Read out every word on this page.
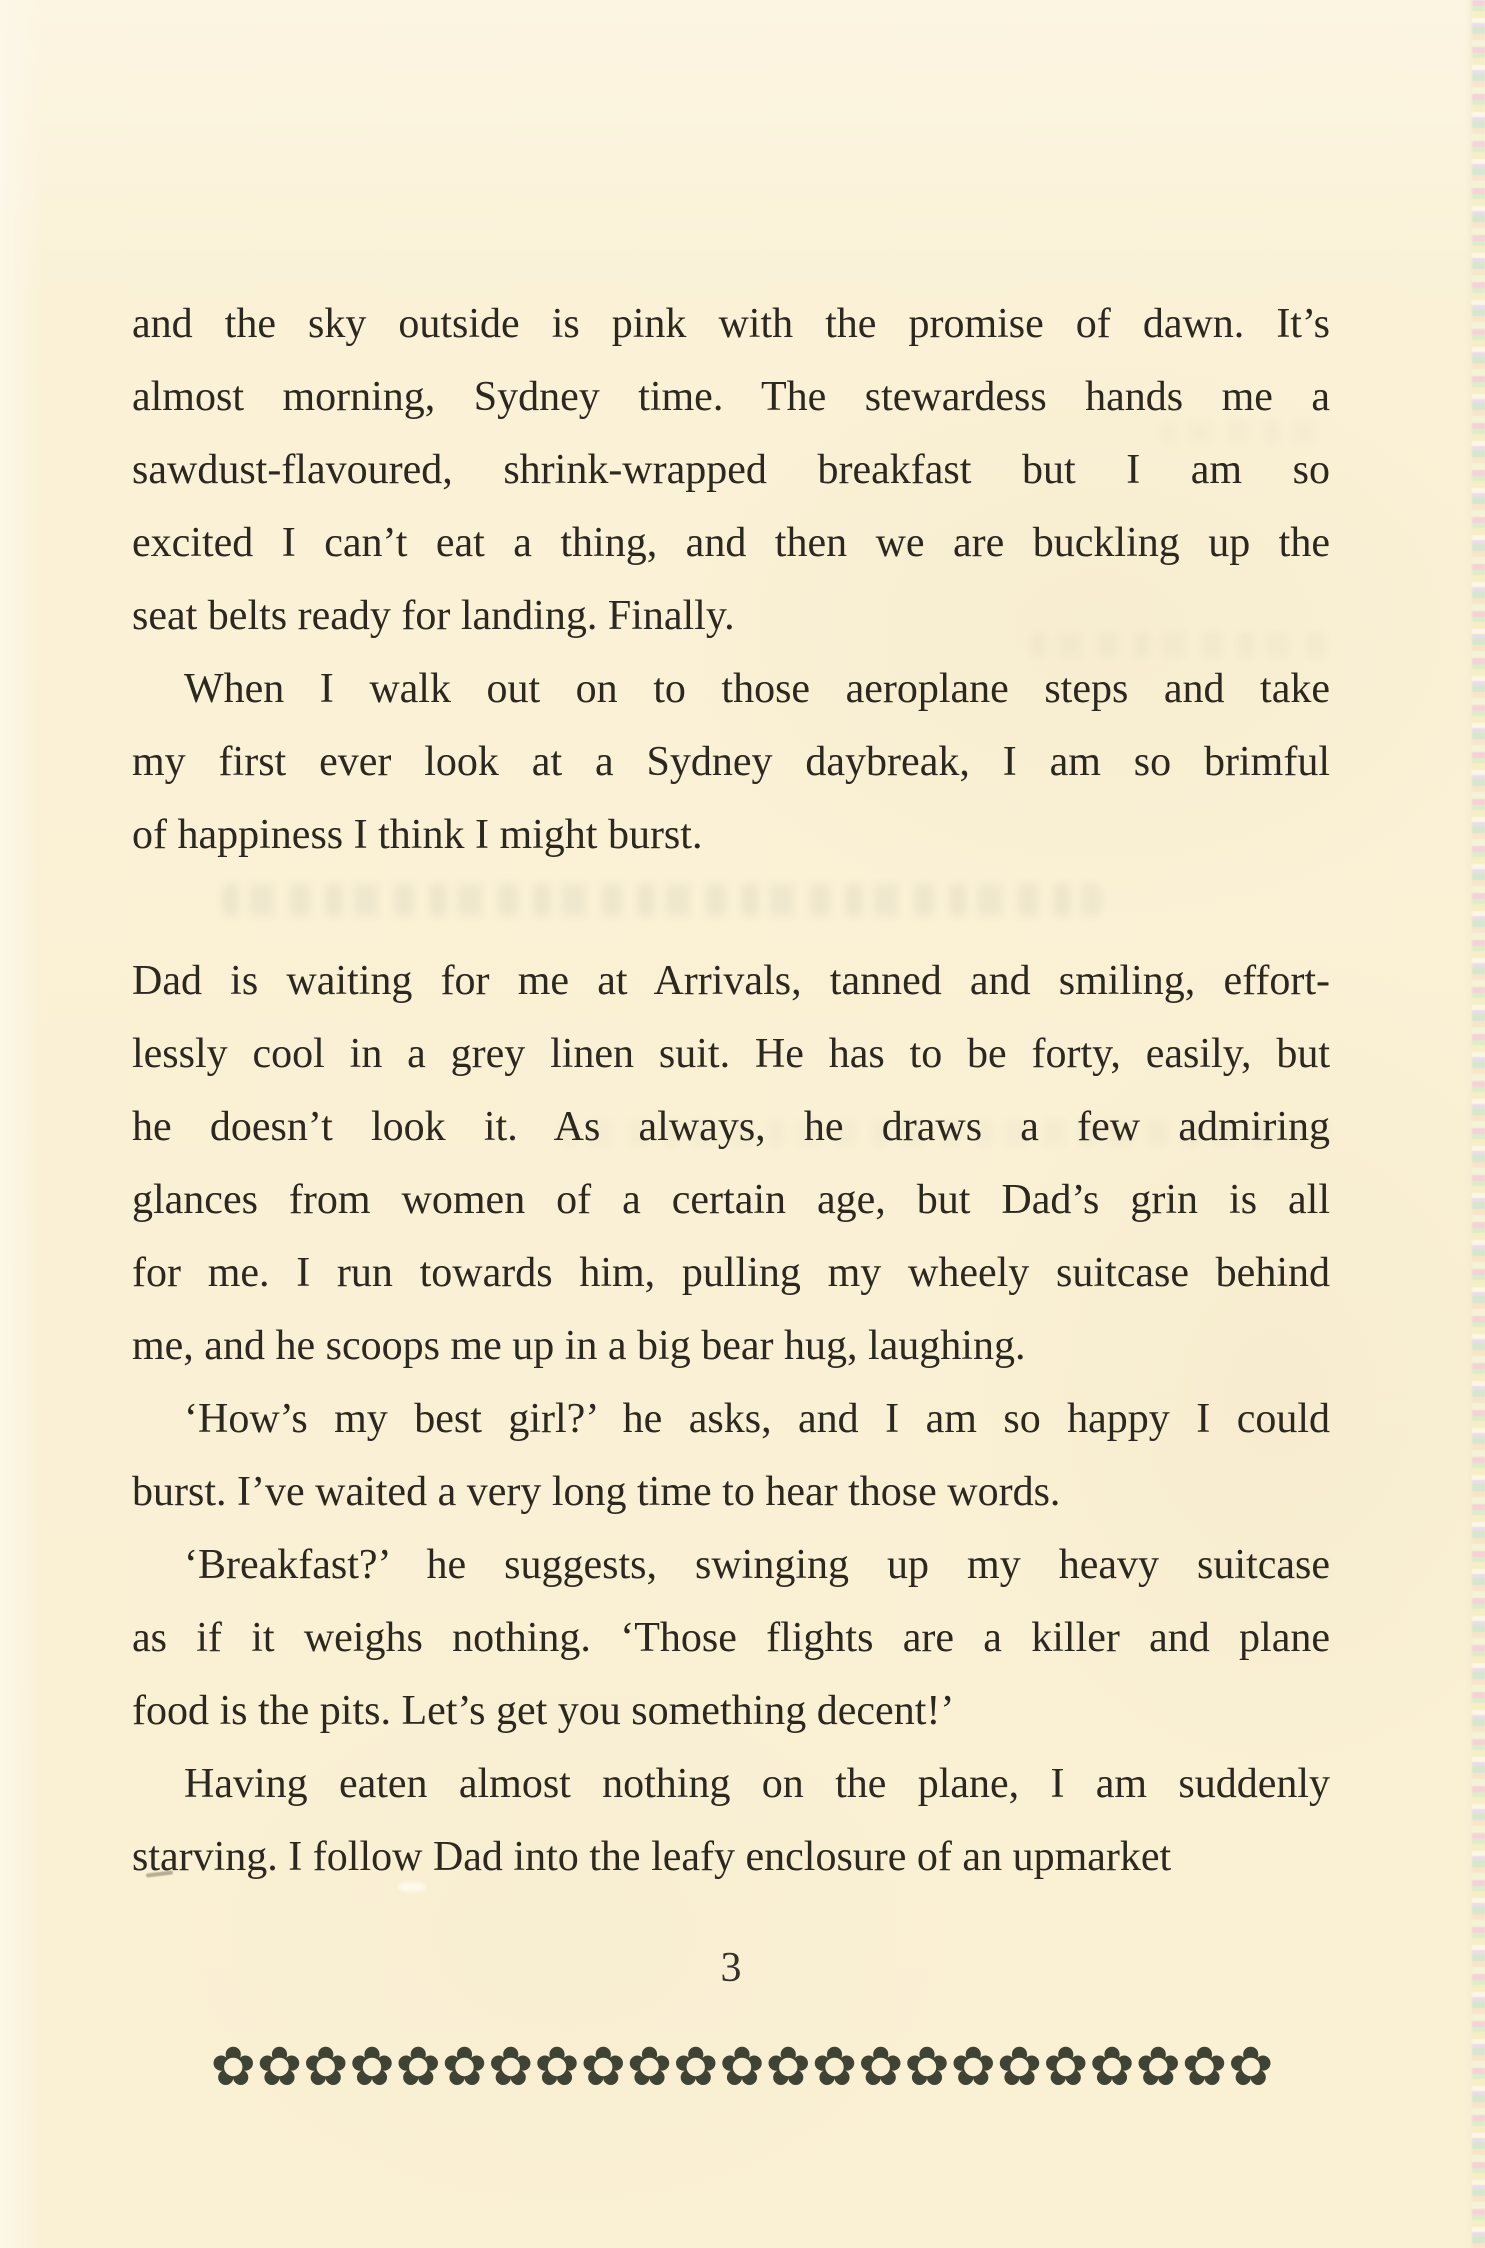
and the sky outside is pink with the promise of dawn. It’s
almost morning, Sydney time. The stewardess hands me a
sawdust-flavoured, shrink-wrapped breakfast but I am so
excited I can’t eat a thing, and then we are buckling up the
seat belts ready for landing. Finally.
When I walk out on to those aeroplane steps and take
my first ever look at a Sydney daybreak, I am so brimful
of happiness I think I might burst.
Dad is waiting for me at Arrivals, tanned and smiling, effort-
lessly cool in a grey linen suit. He has to be forty, easily, but
he doesn’t look it. As always, he draws a few admiring
glances from women of a certain age, but Dad’s grin is all
for me. I run towards him, pulling my wheely suitcase behind
me, and he scoops me up in a big bear hug, laughing.
‘How’s my best girl?’ he asks, and I am so happy I could
burst. I’ve waited a very long time to hear those words.
‘Breakfast?’ he suggests, swinging up my heavy suitcase
as if it weighs nothing. ‘Those flights are a killer and plane
food is the pits. Let’s get you something decent!’
Having eaten almost nothing on the plane, I am suddenly
starving. I follow Dad into the leafy enclosure of an upmarket
3
✿✿✿✿✿✿✿✿✿✿✿✿✿✿✿✿✿✿✿✿✿✿✿
